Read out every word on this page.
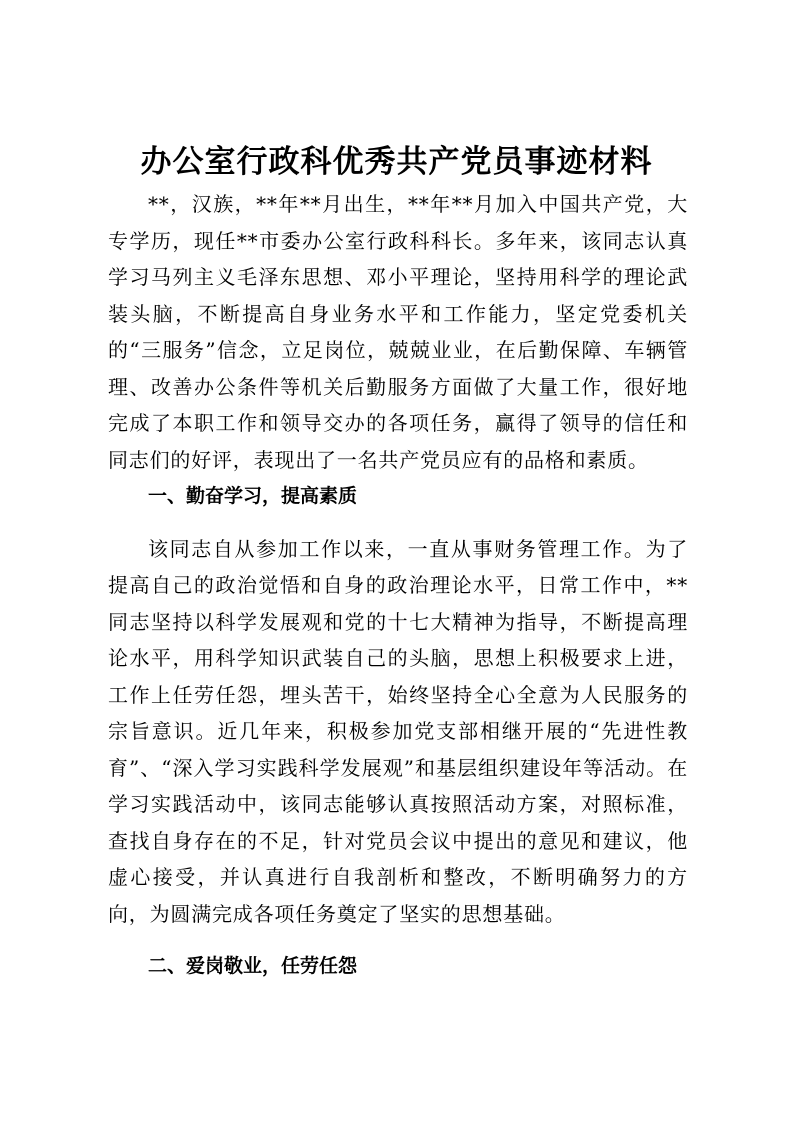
办公室行政科优秀共产党员事迹材料

**，汉族，**年**月出生，**年**月加入中国共产党，大专学历，现任**市委办公室行政科科长。多年来，该同志认真学习马列主义毛泽东思想、邓小平理论，坚持用科学的理论武装头脑，不断提高自身业务水平和工作能力，坚定党委机关的“三服务”信念，立足岗位，兢兢业业，在后勤保障、车辆管理、改善办公条件等机关后勤服务方面做了大量工作，很好地完成了本职工作和领导交办的各项任务，赢得了领导的信任和同志们的好评，表现出了一名共产党员应有的品格和素质。

一、勤奋学习，提高素质

该同志自从参加工作以来，一直从事财务管理工作。为了提高自己的政治觉悟和自身的政治理论水平，日常工作中，**同志坚持以科学发展观和党的十七大精神为指导，不断提高理论水平，用科学知识武装自己的头脑，思想上积极要求上进，工作上任劳任怨，埋头苦干，始终坚持全心全意为人民服务的宗旨意识。近几年来，积极参加党支部相继开展的“先进性教育”、“深入学习实践科学发展观”和基层组织建设年等活动。在学习实践活动中，该同志能够认真按照活动方案，对照标准，查找自身存在的不足，针对党员会议中提出的意见和建议，他虚心接受，并认真进行自我剖析和整改，不断明确努力的方向，为圆满完成各项任务奠定了坚实的思想基础。

二、爱岗敬业，任劳任怨
